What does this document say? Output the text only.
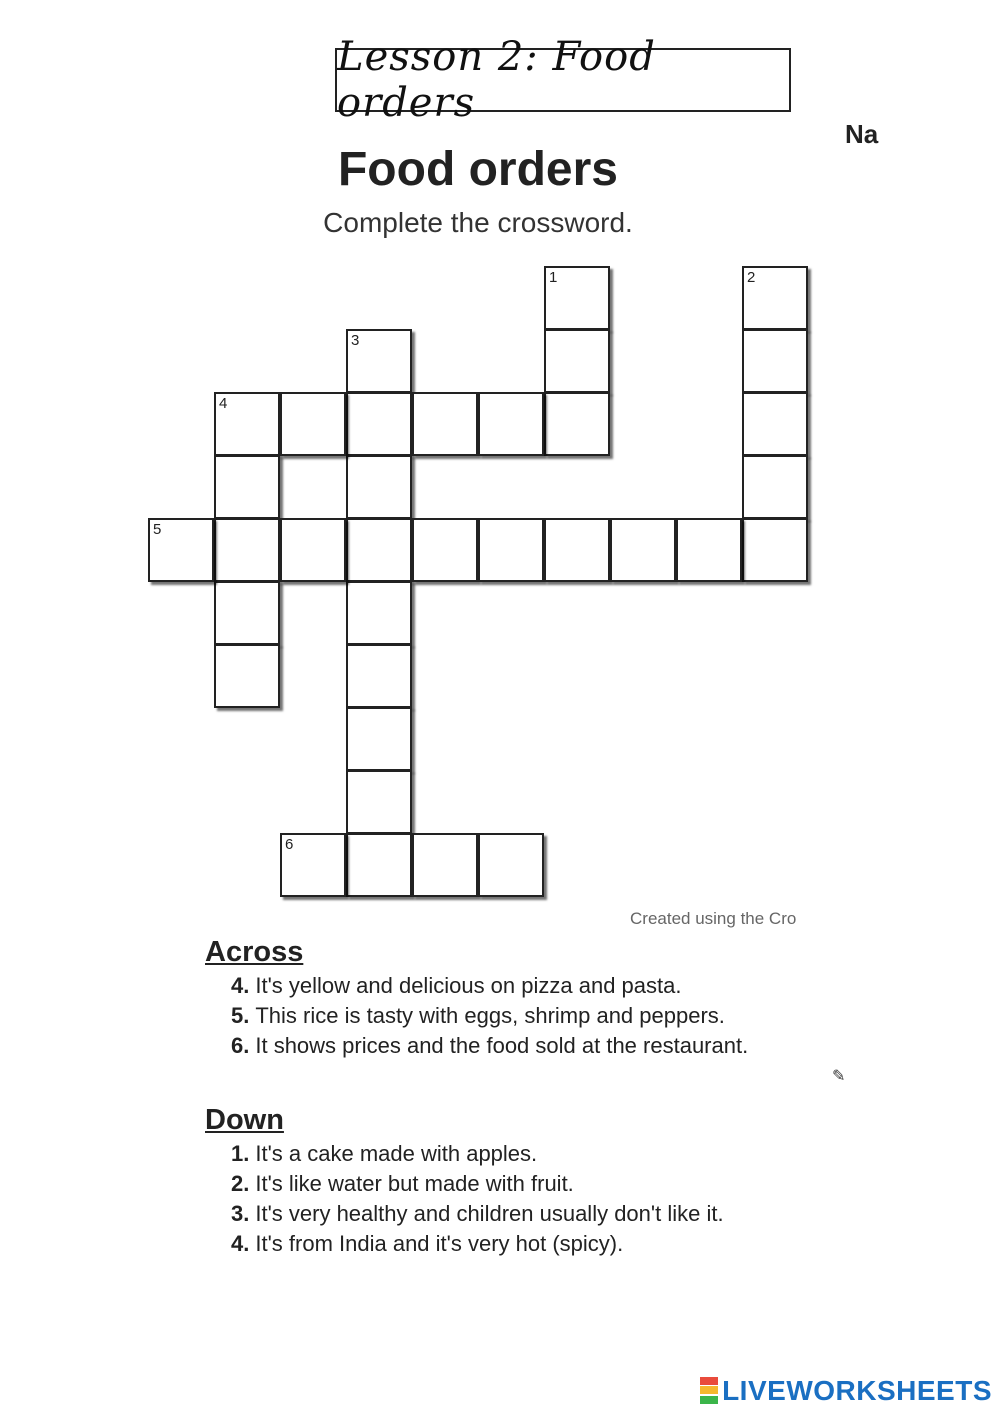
Lesson 2: Food orders
Na
Food orders
Complete the crossword.
1	2
3
4
5
6
Created using the Cro
Across
4. It's yellow and delicious on pizza and pasta.
5. This rice is tasty with eggs, shrimp and peppers.
6. It shows prices and the food sold at the restaurant.
✎
Down
1. It's a cake made with apples.
2. It's like water but made with fruit.
3. It's very healthy and children usually don't like it.
4. It's from India and it's very hot (spicy).
LIVEWORKSHEETS
